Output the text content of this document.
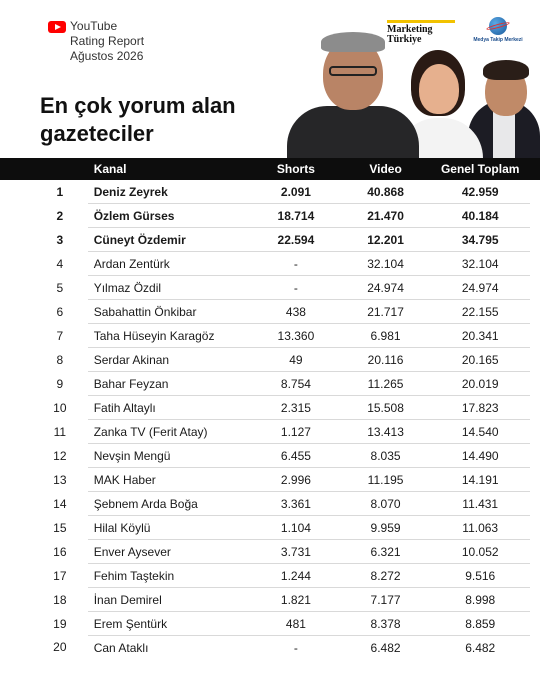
YouTube
Rating Report
Ağustos 2026
En çok yorum alan
gazeteciler
Marketing Türkiye	Medya Takip Merkezi
	Kanal	Shorts	Video	Genel Toplam	
1	Deniz Zeyrek	2.091	40.868	42.959	
2	Özlem Gürses	18.714	21.470	40.184	
3	Cüneyt Özdemir	22.594	12.201	34.795	
4	Ardan Zentürk	-	32.104	32.104	
5	Yılmaz Özdil	-	24.974	24.974	
6	Sabahattin Önkibar	438	21.717	22.155	
7	Taha Hüseyin Karagöz	13.360	6.981	20.341	
8	Serdar Akinan	49	20.116	20.165	
9	Bahar Feyzan	8.754	11.265	20.019	
10	Fatih Altaylı	2.315	15.508	17.823	
11	Zanka TV (Ferit Atay)	1.127	13.413	14.540	
12	Nevşin Mengü	6.455	8.035	14.490	
13	MAK Haber	2.996	11.195	14.191	
14	Şebnem Arda Boğa	3.361	8.070	11.431	
15	Hilal Köylü	1.104	9.959	11.063	
16	Enver Aysever	3.731	6.321	10.052	
17	Fehim Taştekin	1.244	8.272	9.516	
18	İnan Demirel	1.821	7.177	8.998	
19	Erem Şentürk	481	8.378	8.859	
20	Can Ataklı	-	6.482	6.482	
